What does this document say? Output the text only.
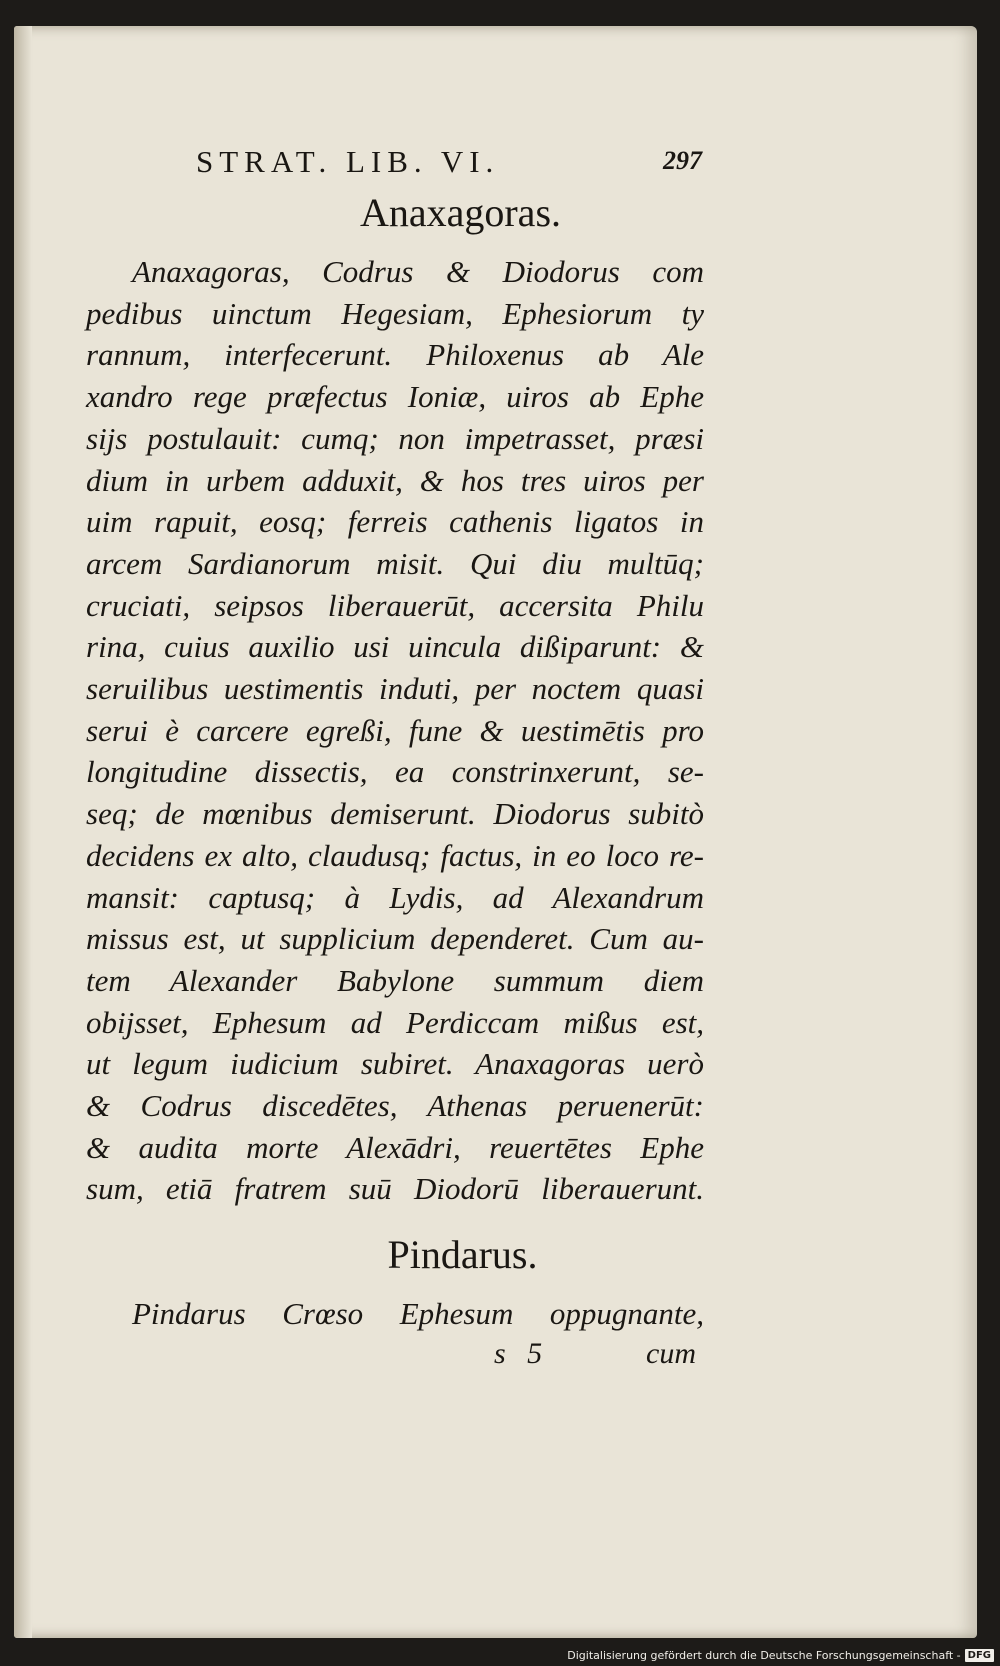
STRAT. LIB. VI.	297
Anaxagoras.
Anaxagoras, Codrus & Diodorus com
pedibus uinctum Hegesiam, Ephesiorum ty
rannum, interfecerunt. Philoxenus ab Ale
xandro rege præfectus Ioniæ, uiros ab Ephe
sijs postulauit: cumq; non impetrasset, præsi
dium in urbem adduxit, & hos tres uiros per
uim rapuit, eosq; ferreis cathenis ligatos in
arcem Sardianorum misit. Qui diu multūq;
cruciati, seipsos liberauerūt, accersita Philu
rina, cuius auxilio usi uincula dißiparunt: &
seruilibus uestimentis induti, per noctem quasi
serui è carcere egreßi, fune & uestimētis pro
longitudine dissectis, ea constrinxerunt, se-
seq; de mœnibus demiserunt. Diodorus subitò
decidens ex alto, claudusq; factus, in eo loco re-
mansit: captusq; à Lydis, ad Alexandrum
missus est, ut supplicium dependeret. Cum au-
tem Alexander Babylone summum diem
obijsset, Ephesum ad Perdiccam mißus est,
ut legum iudicium subiret. Anaxagoras uerò
& Codrus discedētes, Athenas peruenerūt:
& audita morte Alexādri, reuertētes Ephe
sum, etiā fratrem suū Diodorū liberauerunt.
Pindarus.
Pindarus Crœso Ephesum oppugnante,
s 5	cum
Digitalisierung gefördert durch die Deutsche Forschungsgemeinschaft - DFG
